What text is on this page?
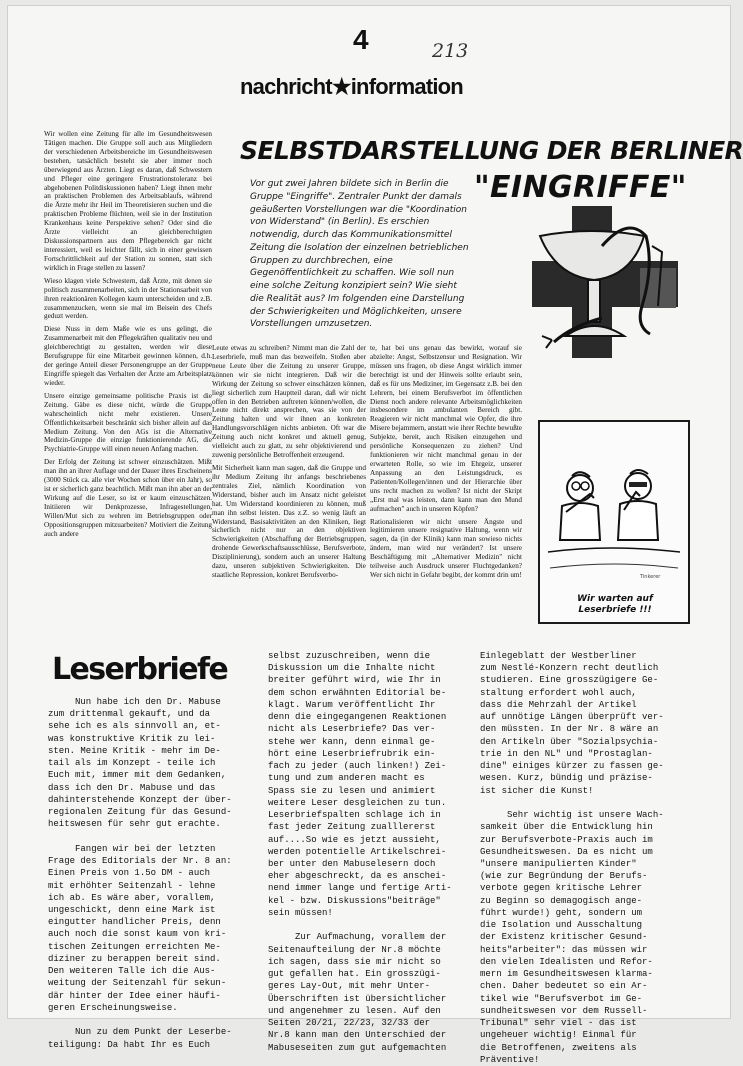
4	213
nachricht★information
SELBSTDARSTELLUNG DER BERLINER
"EINGRIFFE"
Vor gut zwei Jahren bildete sich in Berlin die Gruppe "Eingriffe". Zentraler Punkt der damals geäußerten Vorstellungen war die "Koordination von Widerstand" (in Berlin). Es erschien notwendig, durch das Kommunikationsmittel Zeitung die Isolation der einzelnen betrieblichen Gruppen zu durchbrechen, eine Gegenöffentlichkeit zu schaffen. Wie soll nun eine solche Zeitung konzipiert sein? Wie sieht die Realität aus? Im folgenden eine Darstellung der Schwierigkeiten und Möglichkeiten, unsere Vorstellungen umzusetzen.

Wir wollen eine Zeitung für alle im Gesundheitswesen Tätigen machen. Die Gruppe soll auch aus Mitgliedern der verschiedenen Arbeitsbereiche im Gesundheitswesen bestehen, tatsächlich besteht sie aber immer noch überwiegend aus Ärzten. Liegt es daran, daß Schwestern und Pfleger eine geringere Frustrationstoleranz bei abgehobenen Politdiskussionen haben? Liegt ihnen mehr an praktischen Problemen des Arbeitsablaufs, während die Ärzte mehr ihr Heil im Theoretisieren suchen und die praktischen Probleme flüchten, weil sie in der Institution Krankenhaus keine Perspektive sehen? Oder sind die Ärzte vielleicht an gleichberechtigten Diskussionspartnern aus dem Pflegebereich gar nicht interessiert, weil es leichter fällt, sich in einer gewissen Fortschrittlichkeit auf der Station zu sonnen, statt sich wirklich in Frage stellen zu lassen?

Wieso klagen viele Schwestern, daß Ärzte, mit denen sie politisch zusammenarbeiten, sich in der Stationsarbeit von ihren reaktionären Kollegen kaum unterscheiden und z.B. zusammenzucken, wenn sie mal im Beisein des Chefs geduzt werden.

Diese Nuss in dem Maße wie es uns gelingt, die Zusammenarbeit mit den Pflegekräften qualitativ neu und gleichberechtigt zu gestalten, werden wir diese Berufsgruppe für eine Mitarbeit gewinnen können, d.h. der geringe Anteil dieser Personengruppe an der Gruppe Eingriffe spiegelt das Verhalten der Ärzte am Arbeitsplatz wieder.

Unsere einzige gemeinsame politische Praxis ist die Zeitung. Gäbe es diese nicht, würde die Gruppe wahrscheinlich nicht mehr existieren. Unsere Öffentlichkeitsarbeit beschränkt sich bisher allein auf das Medium Zeitung. Von den AGs ist die Alternative Medizin-Gruppe die einzige funktionierende AG, die Psychiatrie-Gruppe will einen neuen Anfang machen.

Der Erfolg der Zeitung ist schwer einzuschätzen. Mißt man ihn an ihrer Auflage und der Dauer ihres Erscheinens (3000 Stück ca. alle vier Wochen schon über ein Jahr), so ist er sicherlich ganz beachtlich. Mißt man ihn aber an der Wirkung auf die Leser, so ist er kaum einzuschätzen. Initiieren wir Denkprozesse, Infragestellungen, Willen/Mut sich zu wehren im Betriebsgruppen oder Oppositionsgruppen mitzuarbeiten? Motiviert die Zeitung auch andere

Leute etwas zu schreiben? Nimmt man die Zahl der Leserbriefe, muß man das bezweifeln. Stoßen aber neue Leute über die Zeitung zu unserer Gruppe, können wir sie nicht integrieren. Daß wir die Wirkung der Zeitung so schwer einschätzen können, liegt sicherlich zum Hauptteil daran, daß wir nicht offen in den Betrieben auftreten können/wollen, die Leute nicht direkt ansprechen, was sie von der Zeitung halten und wir ihnen an konkreten Handlungsvorschlägen nichts anbieten. Oft war die Zeitung auch nicht konkret und aktuell genug, vielleicht auch zu glatt, zu sehr objektivierend und zuwenig persönliche Betroffenheit erzeugend.

Mit Sicherheit kann man sagen, daß die Gruppe und ihr Medium Zeitung ihr anfangs beschriebenes zentrales Ziel, nämlich Koordination von Widerstand, bisher auch im Ansatz nicht geleistet hat. Um Widerstand koordinieren zu können, muß man ihn selbst leisten. Das z.Z. so wenig läuft an Widerstand, Basisaktivitäten an den Kliniken, liegt sicherlich nicht nur an den objektiven Schwierigkeiten (Abschaffung der Betriebsgruppen, drohende Gewerkschaftsausschlüsse, Berufsverbote, Disziplinierung), sondern auch an unserer Haltung dazu, unseren subjektiven Schwierigkeiten. Die staatliche Repression, konkret Berufsverbo-

te, hat bei uns genau das bewirkt, worauf sie abzielte: Angst, Selbstzensur und Resignation. Wir müssen uns fragen, ob diese Angst wirklich immer berechtigt ist und der Hinweis sollte erlaubt sein, daß es für uns Mediziner, im Gegensatz z.B. bei den Lehrern, bei einem Berufsverbot im öffentlichen Dienst noch andere relevante Arbeitsmöglichkeiten insbesondere im ambulanten Bereich gibt. Reagieren wir nicht manchmal wie Opfer, die ihre Misere bejammern, anstatt wie ihrer Rechte bewußte Subjekte, bereit, auch Risiken einzugehen und persönliche Konsequenzen zu ziehen? Und funktionieren wir nicht manchmal genau in der erwarteten Rolle, so wie im Ehrgeiz, unserer Anpassung an den Leistungsdruck, es Patienten/Kollegen/innen und der Hierarchie über uns recht machen zu wollen? Ist nicht der Skript „Erst mal was leisten, dann kann man den Mund aufmachen" auch in unseren Köpfen?

Rationalisieren wir nicht unsere Ängste und legitimieren unsere resignative Haltung, wenn wir sagen, da (in der Klinik) kann man sowieso nichts ändern, man wird nur verändert? Ist unsere Beschäftigung mit „Alternativer Medizin" nicht teilweise auch Ausdruck unserer Fluchtgedanken? Wer sich nicht in Gefahr begibt, der kommt drin um!	Tinkerer
Wir warten auf Leserbriefe !!!
Leserbriefe
Nun habe ich den Dr. Mabuse
zum drittenmal gekauft, und da
sehe ich es als sinnvoll an, et-
was konstruktive Kritik zu lei-
sten. Meine Kritik - mehr im De-
tail als im Konzept - teile ich
Euch mit, immer mit dem Gedanken,
dass ich den Dr. Mabuse und das
dahinterstehende Konzept der über-
regionalen Zeitung für das Gesund-
heitswesen für sehr gut erachte.

Fangen wir bei der letzten
Frage des Editorials der Nr. 8 an:
Einen Preis von 1.5o DM - auch
mit erhöhter Seitenzahl - lehne
ich ab. Es wäre aber, vorallem,
ungeschickt, denn eine Mark ist
eingutter handlicher Preis, denn
auch noch die sonst kaum von kri-
tischen Zeitungen erreichten Me-
diziner zu berappen bereit sind.
Den weiteren Talle ich die Aus-
weitung der Seitenzahl für sekun-
där hinter der Idee einer häufi-
geren Erscheinungsweise.

Nun zu dem Punkt der Leserbe-
teiligung: Da habt Ihr es Euch
selbst zuzuschreiben, wenn die
Diskussion um die Inhalte nicht
breiter geführt wird, wie Ihr in
dem schon erwähnten Editorial be-
klagt. Warum veröffentlicht Ihr
denn die eingegangenen Reaktionen
nicht als Leserbriefe? Das ver-
stehe wer kann, denn einmal ge-
hört eine Leserbriefrubrik ein-
fach zu jeder (auch linken!) Zei-
tung und zum anderen macht es
Spass sie zu lesen und animiert
weitere Leser desgleichen zu tun.
Leserbriefspalten schlage ich in
fast jeder Zeitung zualllererst
auf....So wie es jetzt aussieht,
werden potentielle Artikelschrei-
ber unter den Mabuselesern doch
eher abgeschreckt, da es anschei-
nend immer lange und fertige Arti-
kel - bzw. Diskussions"beiträge"
sein müssen!

Zur Aufmachung, vorallem der
Seitenaufteilung der Nr.8 möchte
ich sagen, dass sie mir nicht so
gut gefallen hat. Ein grosszügi-
geres Lay-Out, mit mehr Unter-
Überschriften ist übersichtlicher
und angenehmer zu lesen. Auf den
Seiten 20/21, 22/23, 32/33 der
Nr.8 kann man den Unterschied der
Mabuseseiten zum gut aufgemachten
Einlegeblatt der Westberliner
zum Nestlé-Konzern recht deutlich
studieren. Eine grosszügigere Ge-
staltung erfordert wohl auch,
dass die Mehrzahl der Artikel
auf unnötige Längen überprüft ver-
den müssten. In der Nr. 8 wäre an
den Artikeln über "Sozialpsychia-
trie in den NL" und "Prostaglan-
dine" einiges kürzer zu fassen ge-
wesen. Kurz, bündig und präzise-
ist sicher die Kunst!

Sehr wichtig ist unsere Wach-
samkeit über die Entwicklung hin
zur Berufsverbote-Praxis auch im
Gesundheitswesen. Da es nicht um
"unsere manipulierten Kinder"
(wie zur Begründung der Berufs-
verbote gegen kritische Lehrer
zu Beginn so demagogisch ange-
führt wurde!) geht, sondern um
die Isolation und Ausschaltung
der Existenz kritischer Gesund-
heits"arbeiter": das müssen wir
den vielen Idealisten und Refor-
mern im Gesundheitswesen klarma-
chen. Daher bedeutet so ein Ar-
tikel wie "Berufsverbot im Ge-
sundheitswesen vor dem Russell-
Tribunal" sehr viel - das ist
ungeheuer wichtig! Einmal für
die Betroffenen, zweitens als
Präventive!
